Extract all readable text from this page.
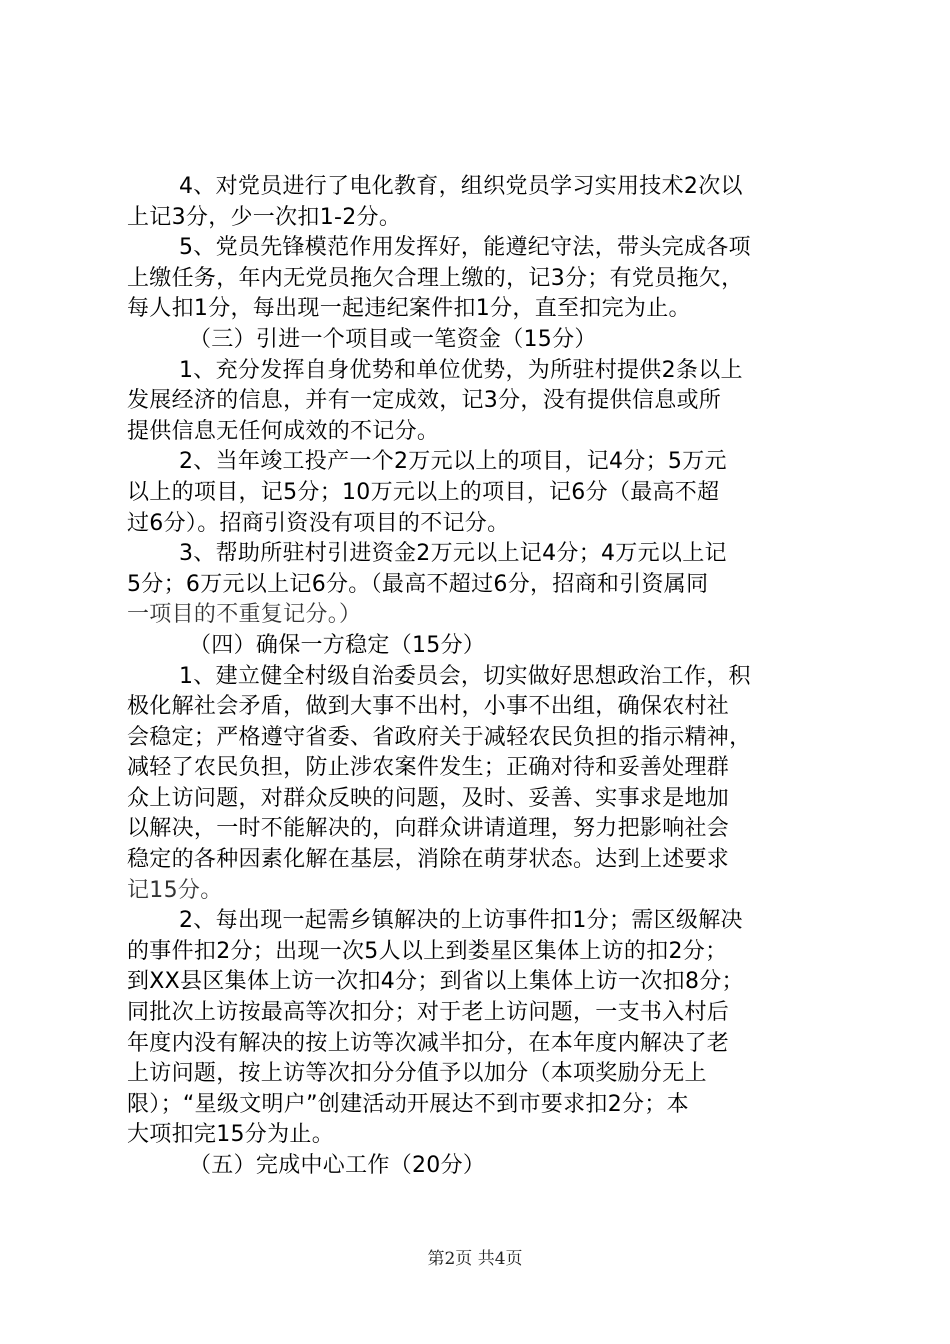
4、对党员进行了电化教育，组织党员学习实用技术2次以
上记3分，少一次扣1-2分。
5、党员先锋模范作用发挥好，能遵纪守法，带头完成各项
上缴任务，年内无党员拖欠合理上缴的，记3分；有党员拖欠，
每人扣1分，每出现一起违纪案件扣1分，直至扣完为止。
（三）引进一个项目或一笔资金（15分）
1、充分发挥自身优势和单位优势，为所驻村提供2条以上
发展经济的信息，并有一定成效，记3分，没有提供信息或所
提供信息无任何成效的不记分。
2、当年竣工投产一个2万元以上的项目，记4分；5万元
以上的项目，记5分；10万元以上的项目，记6分（最高不超
过6分）。招商引资没有项目的不记分。
3、帮助所驻村引进资金2万元以上记4分；4万元以上记
5分；6万元以上记6分。（最高不超过6分，招商和引资属同
一项目的不重复记分。）
（四）确保一方稳定（15分）
1、建立健全村级自治委员会，切实做好思想政治工作，积
极化解社会矛盾，做到大事不出村，小事不出组，确保农村社
会稳定；严格遵守省委、省政府关于减轻农民负担的指示精神，
减轻了农民负担，防止涉农案件发生；正确对待和妥善处理群
众上访问题，对群众反映的问题，及时、妥善、实事求是地加
以解决，一时不能解决的，向群众讲请道理，努力把影响社会
稳定的各种因素化解在基层，消除在萌芽状态。达到上述要求
记15分。
2、每出现一起需乡镇解决的上访事件扣1分；需区级解决
的事件扣2分；出现一次5人以上到娄星区集体上访的扣2分；
到XX县区集体上访一次扣4分；到省以上集体上访一次扣8分；
同批次上访按最高等次扣分；对于老上访问题，一支书入村后
年度内没有解决的按上访等次减半扣分，在本年度内解决了老
上访问题，按上访等次扣分分值予以加分（本项奖励分无上
限）；“星级文明户”创建活动开展达不到市要求扣2分；本
大项扣完15分为止。
（五）完成中心工作（20分）
第2页 共4页
